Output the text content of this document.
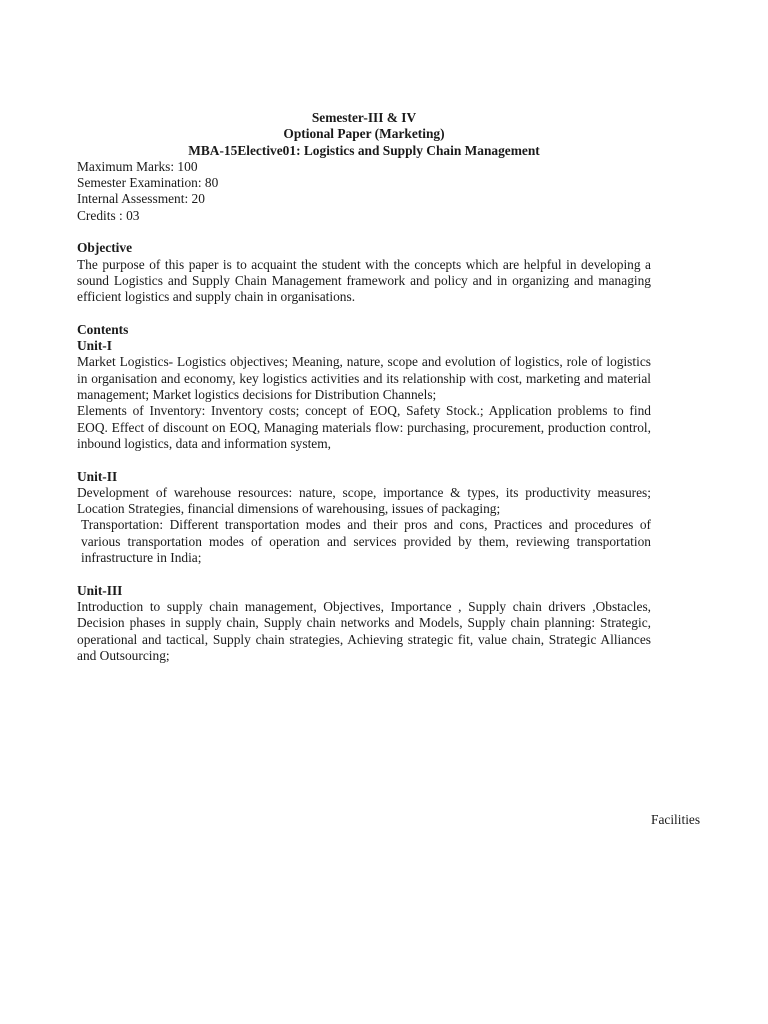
Semester-III & IV

Optional Paper (Marketing)

MBA-15Elective01: Logistics and Supply Chain Management

Maximum Marks: 100

Semester Examination: 80

Internal Assessment: 20

Credits : 03

Objective

The purpose of this paper is to acquaint the student with the concepts which are helpful in developing a sound Logistics and Supply Chain Management framework and policy and in organizing and managing efficient logistics and supply chain in organisations.

Contents

Unit-I

Market Logistics- Logistics objectives; Meaning, nature, scope and evolution of logistics, role of logistics in organisation and economy, key logistics activities and its relationship with cost, marketing and material management; Market logistics decisions for Distribution Channels;

Elements of Inventory: Inventory costs; concept of EOQ, Safety Stock.; Application problems to find EOQ. Effect of discount on EOQ, Managing materials flow: purchasing, procurement, production control, inbound logistics, data and information system,

Unit-II

Development of warehouse resources: nature, scope, importance & types, its productivity measures; Location Strategies, financial dimensions of warehousing, issues of packaging;

Transportation: Different transportation modes and their pros and cons, Practices and procedures of various transportation modes of operation and services provided by them, reviewing transportation infrastructure in India;

Unit-III

Introduction to supply chain management, Objectives, Importance , Supply chain drivers ,Obstacles, Decision phases in supply chain, Supply chain networks and Models, Supply chain planning: Strategic, operational and tactical, Supply chain strategies, Achieving strategic fit, value chain, Strategic Alliances and Outsourcing;

Facilities
